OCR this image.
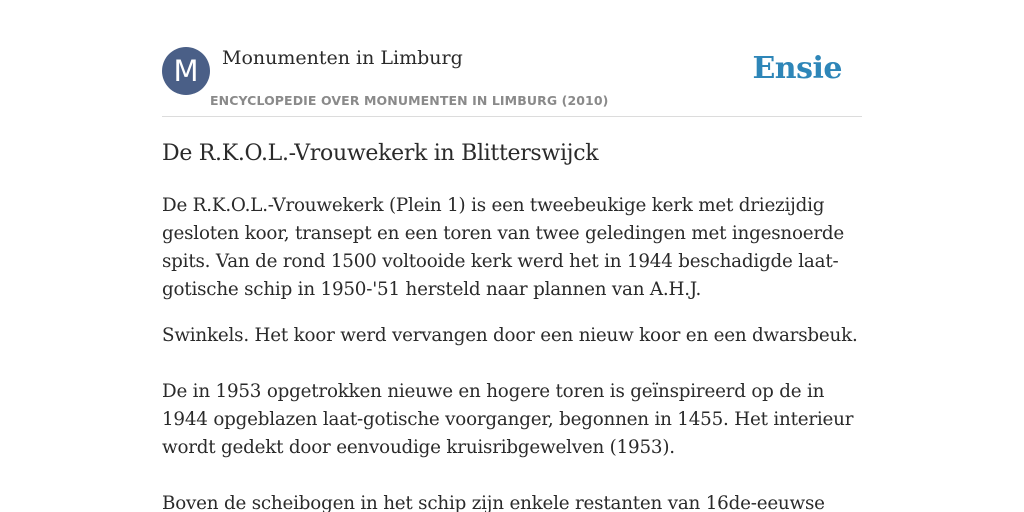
M	Monumenten in Limburg
ENCYCLOPEDIE OVER MONUMENTEN IN LIMBURG (2010)
Ensie
De R.K.O.L.-Vrouwekerk in Blitterswijck

De R.K.O.L.-Vrouwekerk (Plein 1) is een tweebeukige kerk met driezijdig gesloten koor, transept en een toren van twee geledingen met ingesnoerde spits. Van de rond 1500 voltooide kerk werd het in 1944 beschadigde laat-gotische schip in 1950-'51 hersteld naar plannen van A.H.J.

Swinkels. Het koor werd vervangen door een nieuw koor en een dwarsbeuk.

De in 1953 opgetrokken nieuwe en hogere toren is geïnspireerd op de in 1944 opgeblazen laat-gotische voorganger, begonnen in 1455. Het interieur wordt gedekt door eenvoudige kruisribgewelven (1953).

Boven de scheibogen in het schip zijn enkele restanten van 16de-eeuwse
